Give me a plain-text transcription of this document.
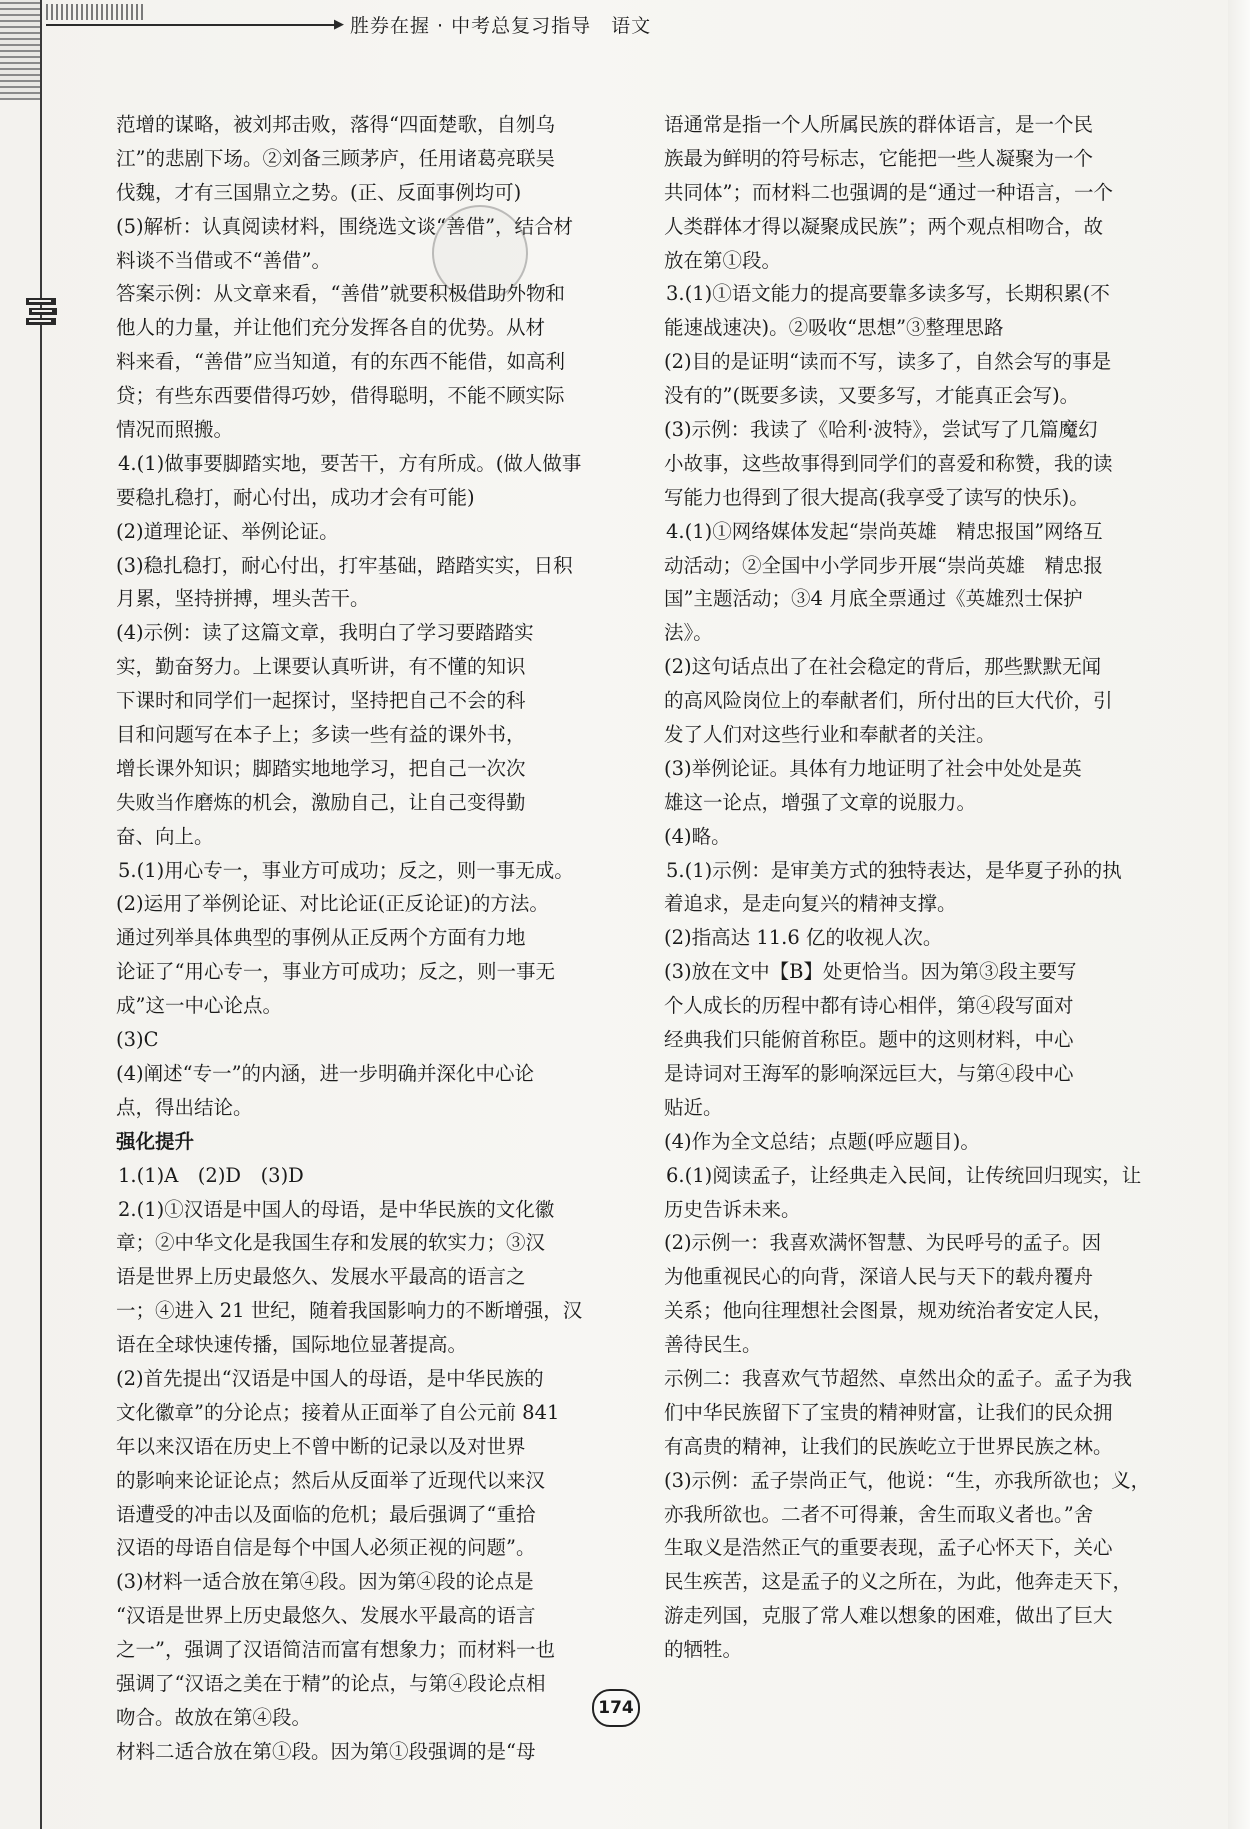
▶ 胜券在握 · 中考总复习指导　语文
范增的谋略，被刘邦击败，落得“四面楚歌，自刎乌
江”的悲剧下场。②刘备三顾茅庐，任用诸葛亮联吴
伐魏，才有三国鼎立之势。(正、反面事例均可)
(5)解析：认真阅读材料，围绕选文谈“善借”，结合材
料谈不当借或不“善借”。
答案示例：从文章来看，“善借”就要积极借助外物和
他人的力量，并让他们充分发挥各自的优势。从材
料来看，“善借”应当知道，有的东西不能借，如高利
贷；有些东西要借得巧妙，借得聪明，不能不顾实际
情况而照搬。
4.(1)做事要脚踏实地，要苦干，方有所成。(做人做事
要稳扎稳打，耐心付出，成功才会有可能)
(2)道理论证、举例论证。
(3)稳扎稳打，耐心付出，打牢基础，踏踏实实，日积
月累，坚持拼搏，埋头苦干。
(4)示例：读了这篇文章，我明白了学习要踏踏实
实，勤奋努力。上课要认真听讲，有不懂的知识
下课时和同学们一起探讨，坚持把自己不会的科
目和问题写在本子上；多读一些有益的课外书，
增长课外知识；脚踏实地地学习，把自己一次次
失败当作磨炼的机会，激励自己，让自己变得勤
奋、向上。
5.(1)用心专一，事业方可成功；反之，则一事无成。
(2)运用了举例论证、对比论证(正反论证)的方法。
通过列举具体典型的事例从正反两个方面有力地
论证了“用心专一，事业方可成功；反之，则一事无
成”这一中心论点。
(3)C
(4)阐述“专一”的内涵，进一步明确并深化中心论
点，得出结论。
强化提升
1.(1)A　(2)D　(3)D
2.(1)①汉语是中国人的母语，是中华民族的文化徽
章；②中华文化是我国生存和发展的软实力；③汉
语是世界上历史最悠久、发展水平最高的语言之
一；④进入 21 世纪，随着我国影响力的不断增强，汉
语在全球快速传播，国际地位显著提高。
(2)首先提出“汉语是中国人的母语，是中华民族的
文化徽章”的分论点；接着从正面举了自公元前 841
年以来汉语在历史上不曾中断的记录以及对世界
的影响来论证论点；然后从反面举了近现代以来汉
语遭受的冲击以及面临的危机；最后强调了“重拾
汉语的母语自信是每个中国人必须正视的问题”。
(3)材料一适合放在第④段。因为第④段的论点是
“汉语是世界上历史最悠久、发展水平最高的语言
之一”，强调了汉语简洁而富有想象力；而材料一也
强调了“汉语之美在于精”的论点，与第④段论点相
吻合。故放在第④段。
材料二适合放在第①段。因为第①段强调的是“母
语通常是指一个人所属民族的群体语言，是一个民
族最为鲜明的符号标志，它能把一些人凝聚为一个
共同体”；而材料二也强调的是“通过一种语言，一个
人类群体才得以凝聚成民族”；两个观点相吻合，故
放在第①段。
3.(1)①语文能力的提高要靠多读多写，长期积累(不
能速战速决)。②吸收“思想”③整理思路
(2)目的是证明“读而不写，读多了，自然会写的事是
没有的”(既要多读，又要多写，才能真正会写)。
(3)示例：我读了《哈利·波特》，尝试写了几篇魔幻
小故事，这些故事得到同学们的喜爱和称赞，我的读
写能力也得到了很大提高(我享受了读写的快乐)。
4.(1)①网络媒体发起“崇尚英雄　精忠报国”网络互
动活动；②全国中小学同步开展“崇尚英雄　精忠报
国”主题活动；③4 月底全票通过《英雄烈士保护
法》。
(2)这句话点出了在社会稳定的背后，那些默默无闻
的高风险岗位上的奉献者们，所付出的巨大代价，引
发了人们对这些行业和奉献者的关注。
(3)举例论证。具体有力地证明了社会中处处是英
雄这一论点，增强了文章的说服力。
(4)略。
5.(1)示例：是审美方式的独特表达，是华夏子孙的执
着追求，是走向复兴的精神支撑。
(2)指高达 11.6 亿的收视人次。
(3)放在文中【B】处更恰当。因为第③段主要写
个人成长的历程中都有诗心相伴，第④段写面对
经典我们只能俯首称臣。题中的这则材料，中心
是诗词对王海军的影响深远巨大，与第④段中心
贴近。
(4)作为全文总结；点题(呼应题目)。
6.(1)阅读孟子，让经典走入民间，让传统回归现实，让
历史告诉未来。
(2)示例一：我喜欢满怀智慧、为民呼号的孟子。因
为他重视民心的向背，深谙人民与天下的载舟覆舟
关系；他向往理想社会图景，规劝统治者安定人民，
善待民生。
示例二：我喜欢气节超然、卓然出众的孟子。孟子为我
们中华民族留下了宝贵的精神财富，让我们的民众拥
有高贵的精神，让我们的民族屹立于世界民族之林。
(3)示例：孟子崇尚正气，他说：“生，亦我所欲也；义，
亦我所欲也。二者不可得兼，舍生而取义者也。”舍
生取义是浩然正气的重要表现，孟子心怀天下，关心
民生疾苦，这是孟子的义之所在，为此，他奔走天下，
游走列国，克服了常人难以想象的困难，做出了巨大
的牺牲。
174
